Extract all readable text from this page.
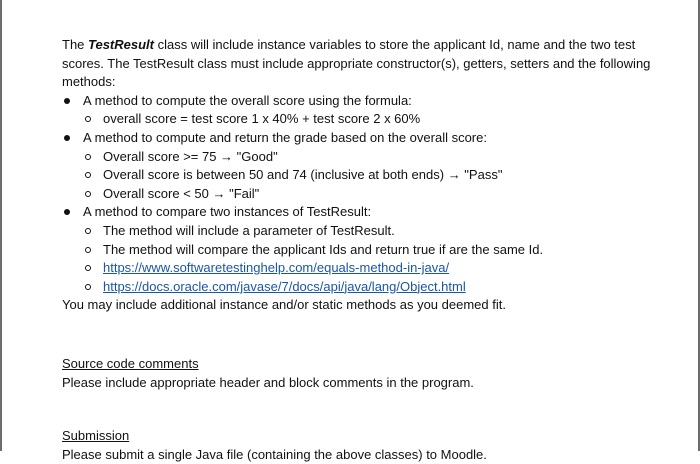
The TestResult class will include instance variables to store the applicant Id, name and the two test scores. The TestResult class must include appropriate constructor(s), getters, setters and the following methods:

A method to compute the overall score using the formula:
overall score = test score 1 x 40% + test score 2 x 60%
A method to compute and return the grade based on the overall score:
Overall score >= 75 → "Good"
Overall score is between 50 and 74 (inclusive at both ends) → "Pass"
Overall score < 50 → "Fail"
A method to compare two instances of TestResult:
The method will include a parameter of TestResult.
The method will compare the applicant Ids and return true if are the same Id.
https://www.softwaretestinghelp.com/equals-method-in-java/
https://docs.oracle.com/javase/7/docs/api/java/lang/Object.html

You may include additional instance and/or static methods as you deemed fit.

Source code comments

Please include appropriate header and block comments in the program.

Submission

Please submit a single Java file (containing the above classes) to Moodle.
